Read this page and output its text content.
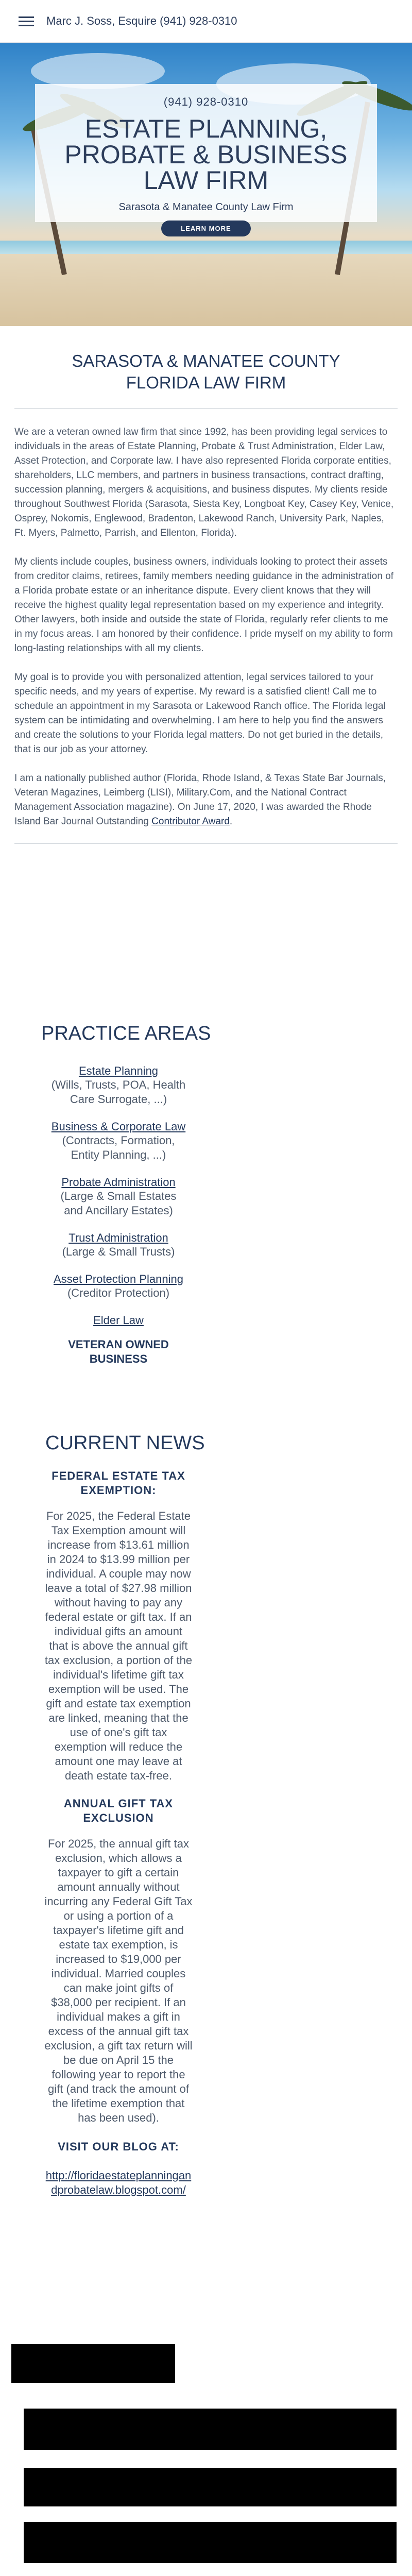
Marc J. Soss, Esquire (941) 928-0310
(941) 928-0310
ESTATE PLANNING, PROBATE & BUSINESS LAW FIRM
Sarasota & Manatee County Law Firm
LEARN MORE
SARASOTA & MANATEE COUNTY FLORIDA LAW FIRM

We are a veteran owned law firm that since 1992, has been providing legal services to individuals in the areas of Estate Planning, Probate & Trust Administration, Elder Law, Asset Protection, and Corporate law. I have also represented Florida corporate entities, shareholders, LLC members, and partners in business transactions, contract drafting, succession planning, mergers & acquisitions, and business disputes. My clients reside throughout Southwest Florida (Sarasota, Siesta Key, Longboat Key, Casey Key, Venice, Osprey, Nokomis, Englewood, Bradenton, Lakewood Ranch, University Park, Naples, Ft. Myers, Palmetto, Parrish, and Ellenton, Florida).

My clients include couples, business owners, individuals looking to protect their assets from creditor claims, retirees, family members needing guidance in the administration of a Florida probate estate or an inheritance dispute. Every client knows that they will receive the highest quality legal representation based on my experience and integrity. Other lawyers, both inside and outside the state of Florida, regularly refer clients to me in my focus areas. I am honored by their confidence. I pride myself on my ability to form long-lasting relationships with all my clients.

My goal is to provide you with personalized attention, legal services tailored to your specific needs, and my years of expertise. My reward is a satisfied client! Call me to schedule an appointment in my Sarasota or Lakewood Ranch office. The Florida legal system can be intimidating and overwhelming. I am here to help you find the answers and create the solutions to your Florida legal matters. Do not get buried in the details, that is our job as your attorney.

I am a nationally published author (Florida, Rhode Island, & Texas State Bar Journals, Veteran Magazines, Leimberg (LISI), Military.Com, and the National Contract Management Association magazine). On June 17, 2020, I was awarded the Rhode Island Bar Journal Outstanding Contributor Award.

PRACTICE AREAS
Estate Planning
(Wills, Trusts, POA, Health Care Surrogate, ...)
Business & Corporate Law
(Contracts, Formation, Entity Planning, ...)
Probate Administration
(Large & Small Estates and Ancillary Estates)
Trust Administration
(Large & Small Trusts)
Asset Protection Planning
(Creditor Protection)
Elder Law
VETERAN OWNED BUSINESS
CURRENT NEWS
FEDERAL ESTATE TAX EXEMPTION:
For 2025, the Federal Estate Tax Exemption amount will increase from $13.61 million in 2024 to $13.99 million per individual. A couple may now leave a total of $27.98 million without having to pay any federal estate or gift tax. If an individual gifts an amount that is above the annual gift tax exclusion, a portion of the individual's lifetime gift tax exemption will be used. The gift and estate tax exemption are linked, meaning that the use of one's gift tax exemption will reduce the amount one may leave at death estate tax-free.
ANNUAL GIFT TAX EXCLUSION
For 2025, the annual gift tax exclusion, which allows a taxpayer to gift a certain amount annually without incurring any Federal Gift Tax or using a portion of a taxpayer's lifetime gift and estate tax exemption, is increased to $19,000 per individual. Married couples can make joint gifts of $38,000 per recipient. If an individual makes a gift in excess of the annual gift tax exclusion, a gift tax return will be due on April 15 the following year to report the gift (and track the amount of the lifetime exemption that has been used).
VISIT OUR BLOG AT:
http://floridaestateplanningandprobatelaw.blogspot.com/
